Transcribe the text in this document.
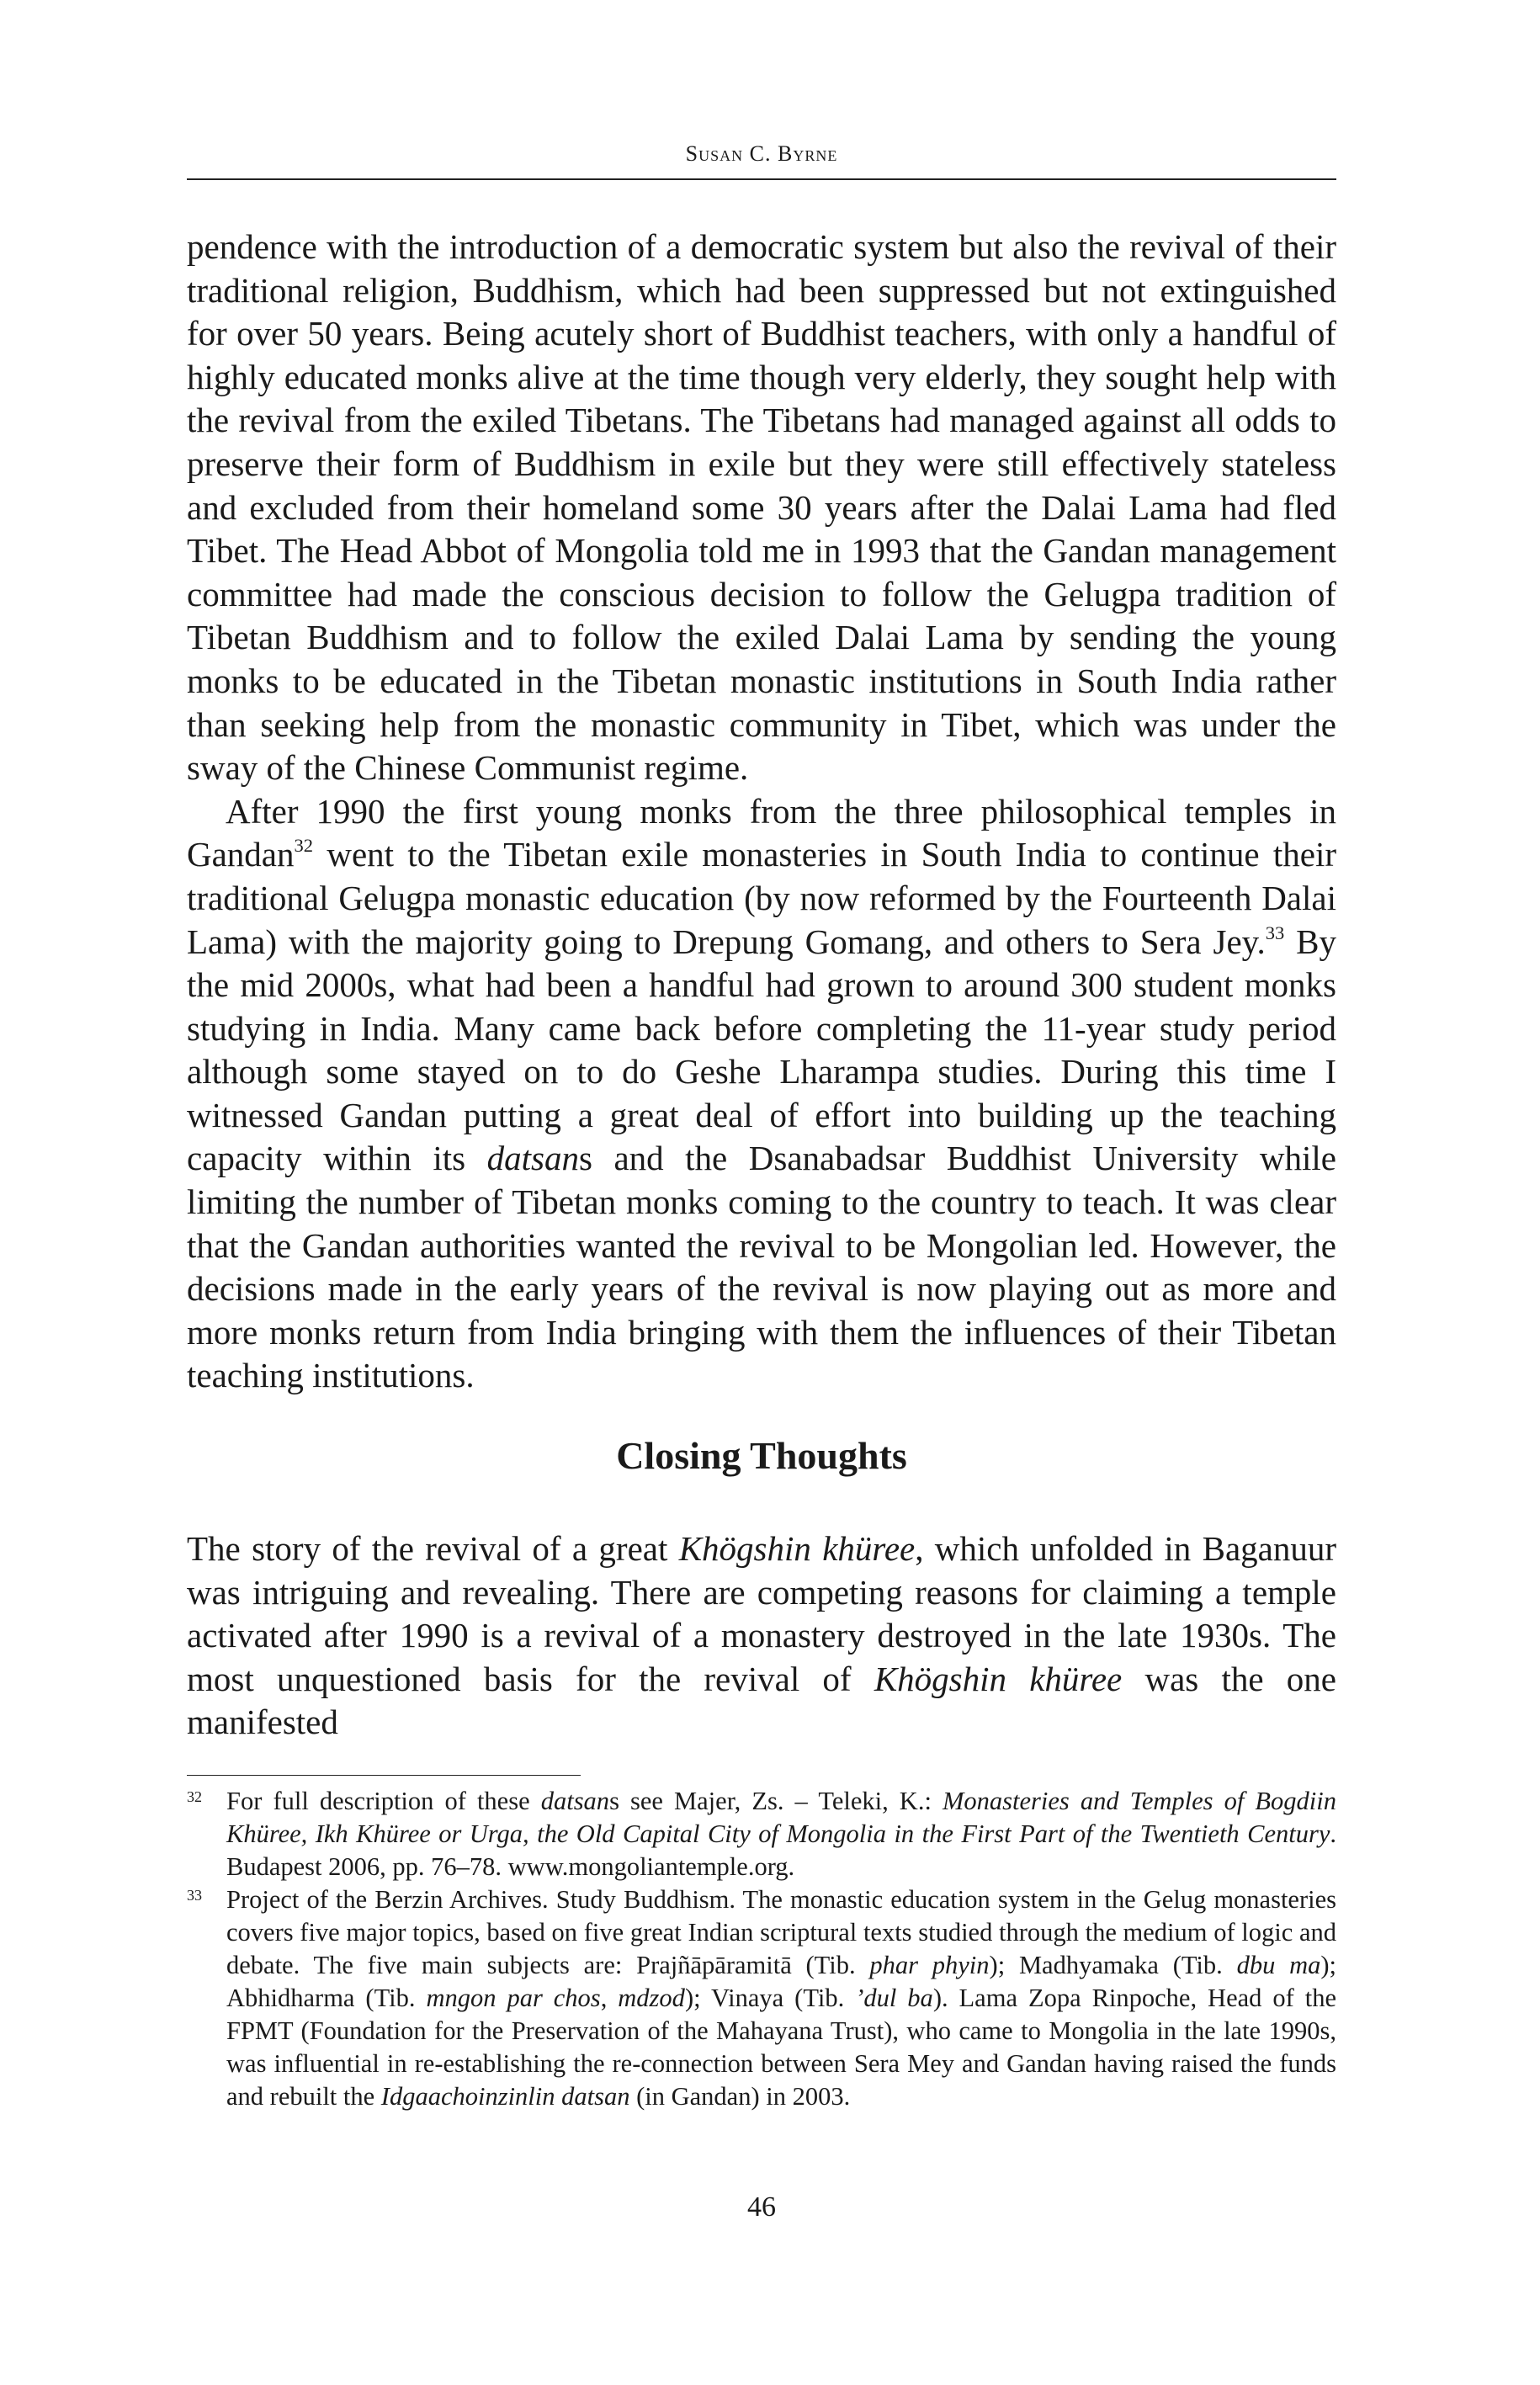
Susan C. Byrne

pendence with the introduction of a democratic system but also the revival of their traditional religion, Buddhism, which had been suppressed but not extinguished for over 50 years. Being acutely short of Buddhist teachers, with only a handful of highly educated monks alive at the time though very elderly, they sought help with the revival from the exiled Tibetans. The Tibetans had managed against all odds to preserve their form of Buddhism in exile but they were still effectively stateless and excluded from their homeland some 30 years after the Dalai Lama had fled Tibet. The Head Abbot of Mongolia told me in 1993 that the Gandan management committee had made the conscious decision to follow the Gelugpa tradition of Tibetan Buddhism and to follow the exiled Dalai Lama by sending the young monks to be educated in the Tibetan monastic institutions in South India rather than seeking help from the monastic community in Tibet, which was under the sway of the Chinese Communist regime.

After 1990 the first young monks from the three philosophical temples in Gandan$^{32}$ went to the Tibetan exile monasteries in South India to continue their traditional Gelugpa monastic education (by now reformed by the Fourteenth Dalai Lama) with the majority going to Drepung Gomang, and others to Sera Jey.$^{33}$ By the mid 2000s, what had been a handful had grown to around 300 student monks studying in India. Many came back before completing the 11-year study period although some stayed on to do Geshe Lharampa studies. During this time I witnessed Gandan putting a great deal of effort into building up the teaching capacity within its datsans and the Dsanabadsar Buddhist University while limiting the number of Tibetan monks coming to the country to teach. It was clear that the Gandan authorities wanted the revival to be Mongolian led. However, the decisions made in the early years of the revival is now playing out as more and more monks return from India bringing with them the influences of their Tibetan teaching institutions.

Closing Thoughts

The story of the revival of a great Khögshin khüree, which unfolded in Baganuur was intriguing and revealing. There are competing reasons for claiming a temple activated after 1990 is a revival of a monastery destroyed in the late 1930s. The most unquestioned basis for the revival of Khögshin khüree was the one manifested

32 For full description of these datsans see Majer, Zs. – Teleki, K.: Monasteries and Temples of Bogdiin Khüree, Ikh Khüree or Urga, the Old Capital City of Mongolia in the First Part of the Twentieth Century. Budapest 2006, pp. 76–78. www.mongoliantemple.org.
33 Project of the Berzin Archives. Study Buddhism. The monastic education system in the Gelug monasteries covers five major topics, based on five great Indian scriptural texts studied through the medium of logic and debate. The five main subjects are: Prajñāpāramitā (Tib. phar phyin); Madhyamaka (Tib. dbu ma); Abhidharma (Tib. mngon par chos, mdzod); Vinaya (Tib. ’dul ba). Lama Zopa Rinpoche, Head of the FPMT (Foundation for the Preservation of the Mahayana Trust), who came to Mongolia in the late 1990s, was influential in re-establishing the re-connection between Sera Mey and Gandan having raised the funds and rebuilt the Idgaachoinzinlin datsan (in Gandan) in 2003.
46
